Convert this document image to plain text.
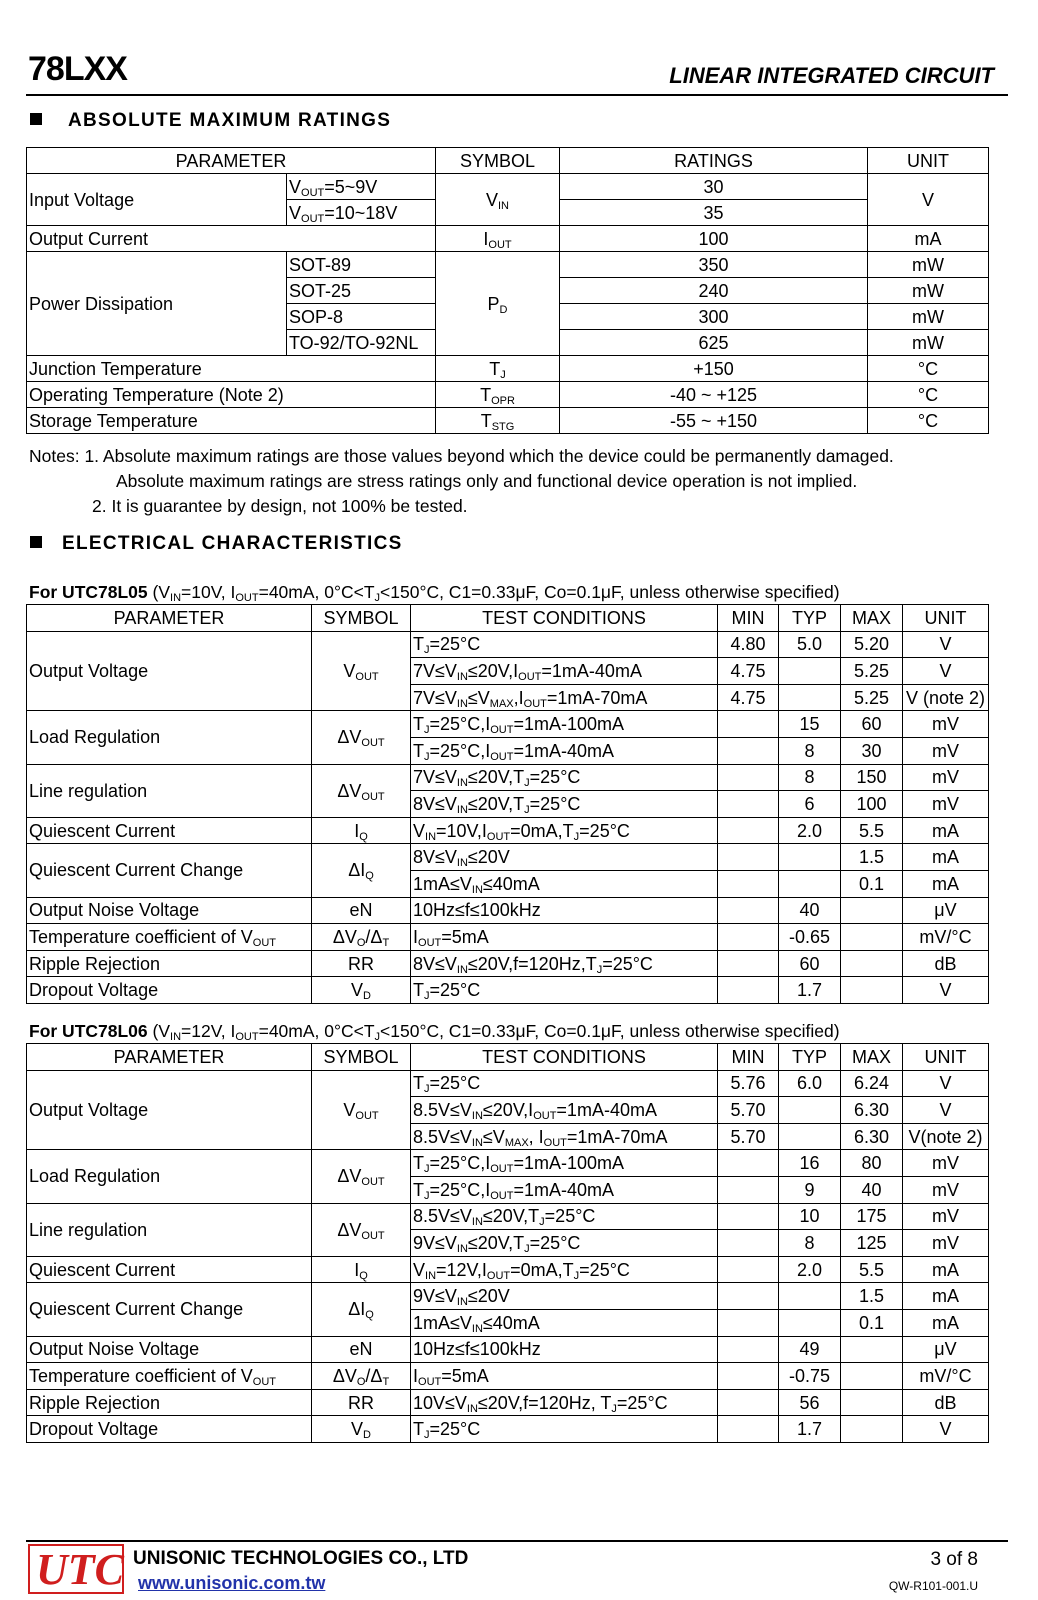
78LXX	LINEAR INTEGRATED CIRCUIT
ABSOLUTE MAXIMUM RATINGS
PARAMETER		SYMBOL	RATINGS	UNIT
Input Voltage	$V_{OUT}=5\sim 9V$	$V_{IN}$	30	V
	$V_{OUT}=10\sim 18V$		35	
Output Current		$I_{OUT}$	100	mA
Power Dissipation	SOT-89	$P_D$	350	mW
	SOT-25		240	mW
	SOP-8		300	mW
	TO-92/TO-92NL		625	mW
Junction Temperature		$T_J$	+150	°C
Operating Temperature (Note 2)		$T_{OPR}$	-40 ~ +125	°C
Storage Temperature		$T_{STG}$	-55 ~ +150	°C
Notes: 1. Absolute maximum ratings are those values beyond which the device could be permanently damaged.
Absolute maximum ratings are stress ratings only and functional device operation is not implied.
2. It is guarantee by design, not 100% be tested.
ELECTRICAL CHARACTERISTICS
For UTC78L05 ($V_{IN}=10V$, $I_{OUT}=40mA$, $0^\circ C<T_J<150^\circ C$, C1=0.33μF, Co=0.1μF, unless otherwise specified)
PARAMETER	SYMBOL	TEST CONDITIONS	MIN	TYP	MAX	UNIT
Output Voltage	$V_{OUT}$	$T_J=25^\circ C$	4.80	5.0	5.20	V
		$7V\le V_{IN}\le 20V,I_{OUT}=1mA-40mA$	4.75		5.25	V
		$7V\le V_{IN}\le V_{MAX},I_{OUT}=1mA-70mA$	4.75		5.25	V (note 2)
Load Regulation	$\Delta V_{OUT}$	$T_J=25^\circ C,I_{OUT}=1mA-100mA$		15	60	mV
		$T_J=25^\circ C,I_{OUT}=1mA-40mA$		8	30	mV
Line regulation	$\Delta V_{OUT}$	$7V\le V_{IN}\le 20V,T_J=25^\circ C$		8	150	mV
		$8V\le V_{IN}\le 20V,T_J=25^\circ C$		6	100	mV
Quiescent Current	$I_Q$	$V_{IN}=10V,I_{OUT}=0mA,T_J=25^\circ C$		2.0	5.5	mA
Quiescent Current Change	$\Delta I_Q$	$8V\le V_{IN}\le 20V$			1.5	mA
		$1mA\le V_{IN}\le 40mA$			0.1	mA
Output Noise Voltage	eN	10Hz≤f≤100kHz		40		μV
Temperature coefficient of $V_{OUT}$	$\Delta V_O/\Delta_T$	$I_{OUT}=5mA$		-0.65		mV/°C
Ripple Rejection	RR	$8V\le V_{IN}\le 20V,f=120Hz,T_J=25^\circ C$		60		dB
Dropout Voltage	$V_D$	$T_J=25^\circ C$		1.7		V
For UTC78L06 ($V_{IN}=12V$, $I_{OUT}=40mA$, $0^\circ C<T_J<150^\circ C$, C1=0.33μF, Co=0.1μF, unless otherwise specified)
PARAMETER	SYMBOL	TEST CONDITIONS	MIN	TYP	MAX	UNIT
Output Voltage	$V_{OUT}$	$T_J=25^\circ C$	5.76	6.0	6.24	V
		$8.5V\le V_{IN}\le 20V,I_{OUT}=1mA-40mA$	5.70		6.30	V
		$8.5V\le V_{IN}\le V_{MAX}$, $I_{OUT}=1mA-70mA$	5.70		6.30	V(note 2)
Load Regulation	$\Delta V_{OUT}$	$T_J=25^\circ C,I_{OUT}=1mA-100mA$		16	80	mV
		$T_J=25^\circ C,I_{OUT}=1mA-40mA$		9	40	mV
Line regulation	$\Delta V_{OUT}$	$8.5V\le V_{IN}\le 20V,T_J=25^\circ C$		10	175	mV
		$9V\le V_{IN}\le 20V,T_J=25^\circ C$		8	125	mV
Quiescent Current	$I_Q$	$V_{IN}=12V,I_{OUT}=0mA,T_J=25^\circ C$		2.0	5.5	mA
Quiescent Current Change	$\Delta I_Q$	$9V\le V_{IN}\le 20V$			1.5	mA
		$1mA\le V_{IN}\le 40mA$			0.1	mA
Output Noise Voltage	eN	10Hz≤f≤100kHz		49		μV
Temperature coefficient of $V_{OUT}$	$\Delta V_O/\Delta_T$	$I_{OUT}=5mA$		-0.75		mV/°C
Ripple Rejection	RR	$10V\le V_{IN}\le 20V,f=120Hz$, $T_J=25^\circ C$		56		dB
Dropout Voltage	$V_D$	$T_J=25^\circ C$		1.7		V
UTC UNISONIC TECHNOLOGIES CO., LTD
www.unisonic.com.tw
3 of 8
QW-R101-001.U
